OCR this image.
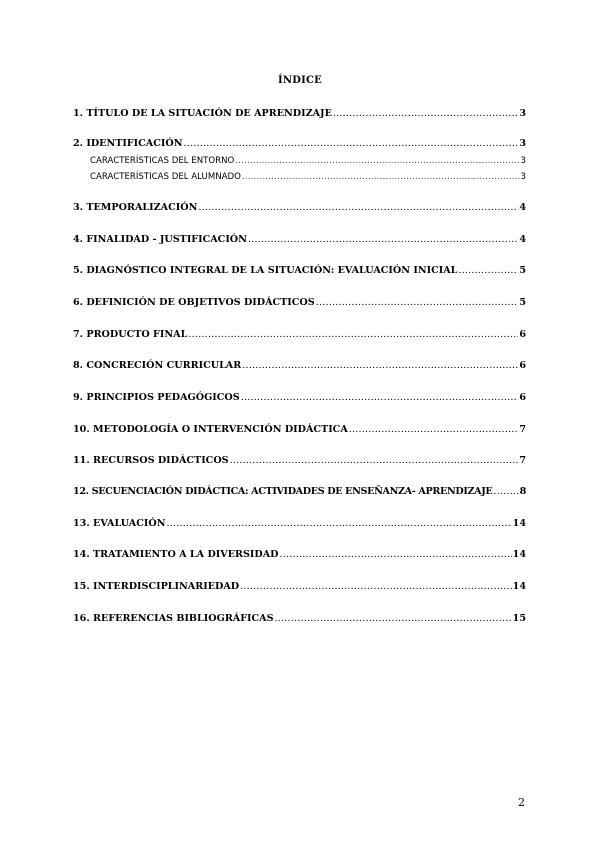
ÍNDICE
1. TÍTULO DE LA SITUACIÓN DE APRENDIZAJE .....	3
2. IDENTIFICACIÓN .....	3
CARACTERÍSTICAS DEL ENTORNO .....	3
CARACTERÍSTICAS DEL ALUMNADO .....	3
3. TEMPORALIZACIÓN .....	4
4. FINALIDAD - JUSTIFICACIÓN .....	4
5. DIAGNÓSTICO INTEGRAL DE LA SITUACIÓN: EVALUACIÓN INICIAL .....	5
6. DEFINICIÓN DE OBJETIVOS DIDÁCTICOS .....	5
7. PRODUCTO FINAL .....	6
8. CONCRECIÓN CURRICULAR .....	6
9. PRINCIPIOS PEDAGÓGICOS .....	6
10. METODOLOGÍA O INTERVENCIÓN DIDÁCTICA .....	7
11. RECURSOS DIDÁCTICOS .....	7
12. SECUENCIACIÓN DIDÁCTICA: ACTIVIDADES DE ENSEÑANZA- APRENDIZAJE .....	8
13. EVALUACIÓN .....	14
14. TRATAMIENTO A LA DIVERSIDAD .....	14
15. INTERDISCIPLINARIEDAD .....	14
16. REFERENCIAS BIBLIOGRÁFICAS .....	15
2
